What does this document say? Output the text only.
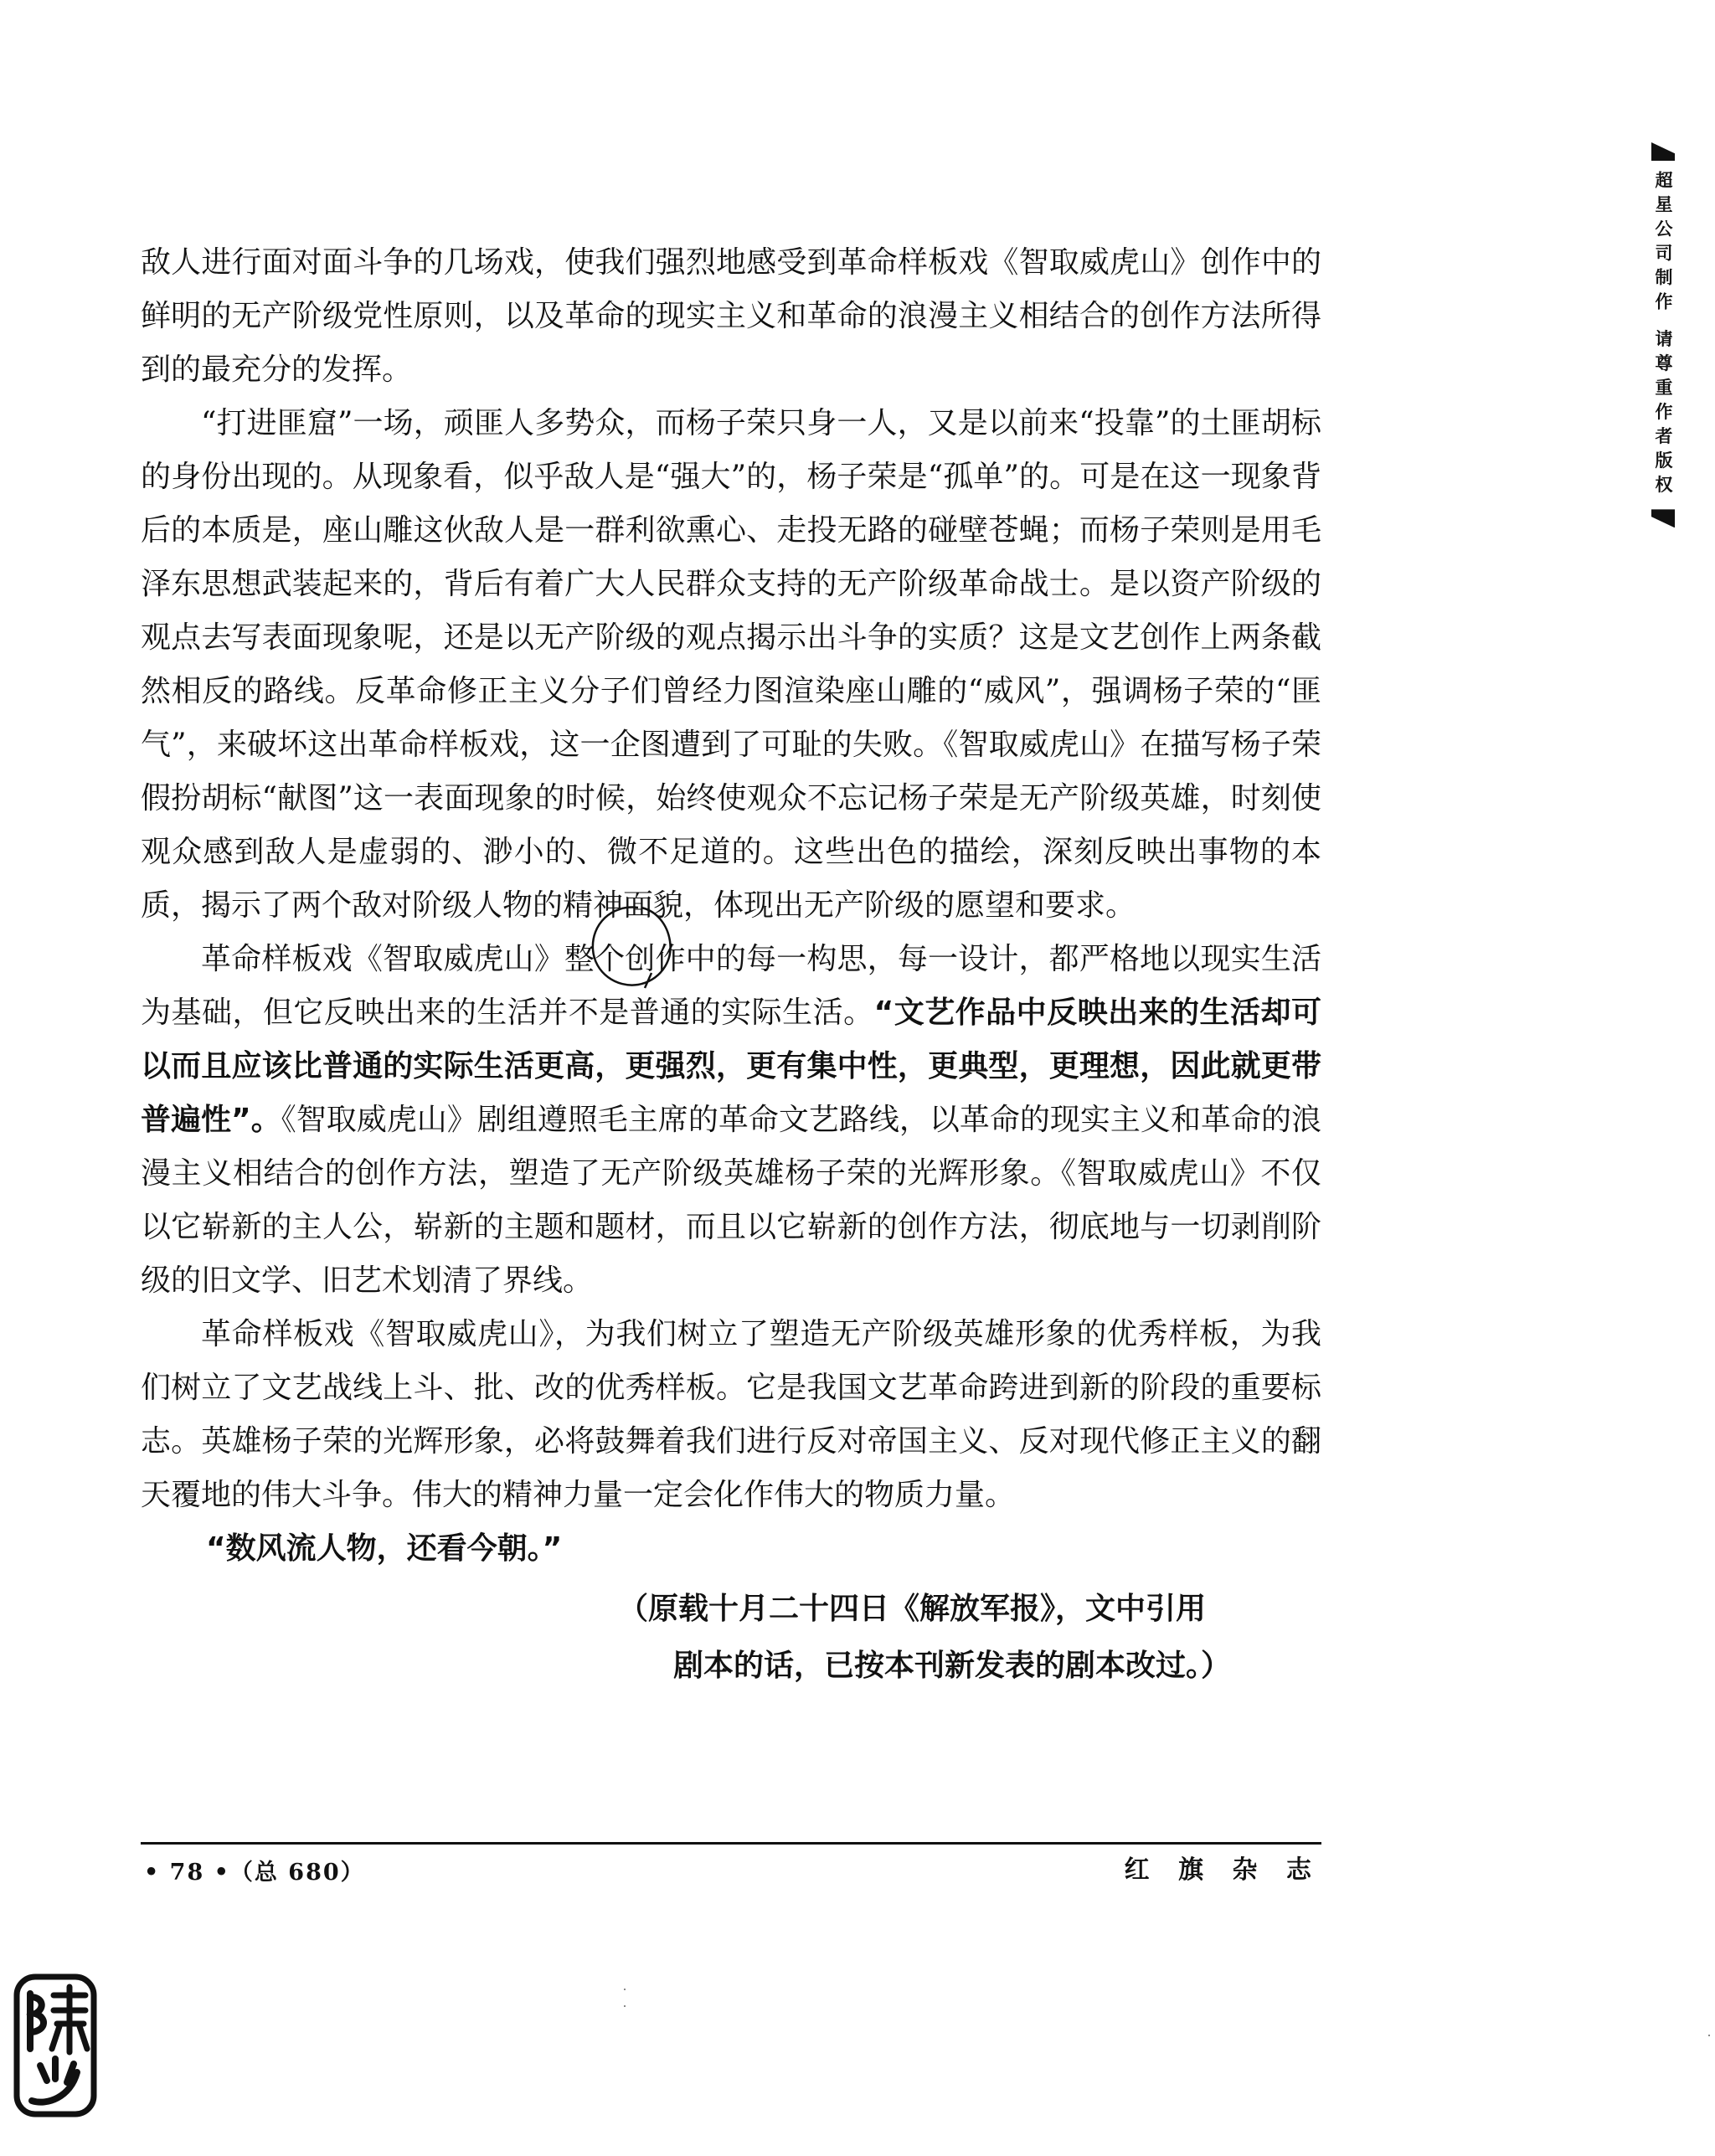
敌人进行面对面斗争的几场戏，使我们强烈地感受到革命样板戏《智取威虎山》创作中的鲜明的无产阶级党性原则，以及革命的现实主义和革命的浪漫主义相结合的创作方法所得到的最充分的发挥。

“打进匪窟”一场，顽匪人多势众，而杨子荣只身一人，又是以前来“投靠”的土匪胡标的身份出现的。从现象看，似乎敌人是“强大”的，杨子荣是“孤单”的。可是在这一现象背后的本质是，座山雕这伙敌人是一群利欲熏心、走投无路的碰壁苍蝇；而杨子荣则是用毛泽东思想武装起来的，背后有着广大人民群众支持的无产阶级革命战士。是以资产阶级的观点去写表面现象呢，还是以无产阶级的观点揭示出斗争的实质？这是文艺创作上两条截然相反的路线。反革命修正主义分子们曾经力图渲染座山雕的“威风”，强调杨子荣的“匪气”，来破坏这出革命样板戏，这一企图遭到了可耻的失败。《智取威虎山》在描写杨子荣假扮胡标“献图”这一表面现象的时候，始终使观众不忘记杨子荣是无产阶级英雄，时刻使观众感到敌人是虚弱的、渺小的、微不足道的。这些出色的描绘，深刻反映出事物的本质，揭示了两个敌对阶级人物的精神面貌，体现出无产阶级的愿望和要求。

革命样板戏《智取威虎山》整个创作中的每一构思，每一设计，都严格地以现实生活为基础，但它反映出来的生活并不是普通的实际生活。“文艺作品中反映出来的生活却可以而且应该比普通的实际生活更高，更强烈，更有集中性，更典型，更理想，因此就更带普遍性”。《智取威虎山》剧组遵照毛主席的革命文艺路线，以革命的现实主义和革命的浪漫主义相结合的创作方法，塑造了无产阶级英雄杨子荣的光辉形象。《智取威虎山》不仅以它崭新的主人公，崭新的主题和题材，而且以它崭新的创作方法，彻底地与一切剥削阶级的旧文学、旧艺术划清了界线。

革命样板戏《智取威虎山》，为我们树立了塑造无产阶级英雄形象的优秀样板，为我们树立了文艺战线上斗、批、改的优秀样板。它是我国文艺革命跨进到新的阶段的重要标志。英雄杨子荣的光辉形象，必将鼓舞着我们进行反对帝国主义、反对现代修正主义的翻天覆地的伟大斗争。伟大的精神力量一定会化作伟大的物质力量。

“数风流人物，还看今朝。”

（原载十月二十四日《解放军报》，文中引用
剧本的话，已按本刊新发表的剧本改过。）
• 78 •（总 680）	红 旗 杂 志
超星公司制作 请尊重作者版权
